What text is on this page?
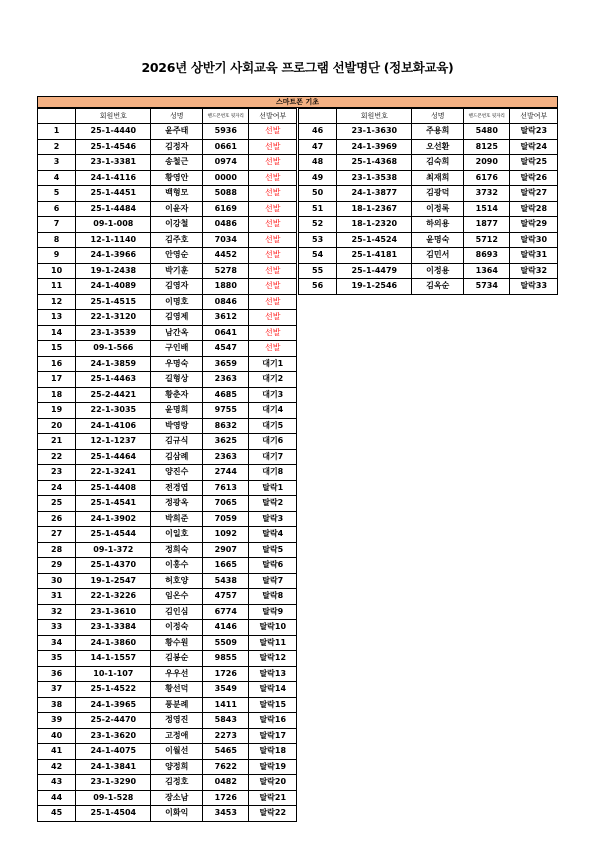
2026년 상반기 사회교육 프로그램 선발명단 (정보화교육)
스마트폰 기초
	회원번호	성명	핸드폰번호 뒷자리	선발여부
1	25-1-4440	윤주태	5936	선발
2	25-1-4546	김정자	0661	선발
3	23-1-3381	송철근	0974	선발
4	24-1-4116	황영안	0000	선발
5	25-1-4451	백형모	5088	선발
6	25-1-4484	이윤자	6169	선발
7	09-1-008	이강철	0486	선발
8	12-1-1140	김주호	7034	선발
9	24-1-3966	안영순	4452	선발
10	19-1-2438	박기훈	5278	선발
11	24-1-4089	김영자	1880	선발
12	25-1-4515	이명호	0846	선발
13	22-1-3120	김영제	3612	선발
14	23-1-3539	남간옥	0641	선발
15	09-1-566	구인배	4547	선발
16	24-1-3859	우명숙	3659	대기1
17	25-1-4463	길형상	2363	대기2
18	25-2-4421	황춘자	4685	대기3
19	22-1-3035	윤명희	9755	대기4
20	24-1-4106	박영랑	8632	대기5
21	12-1-1237	김규식	3625	대기6
22	25-1-4464	김삼례	2363	대기7
23	22-1-3241	양진수	2744	대기8
24	25-1-4408	전경엽	7613	탈락1
25	25-1-4541	정광옥	7065	탈락2
26	24-1-3902	박희준	7059	탈락3
27	25-1-4544	이일호	1092	탈락4
28	09-1-372	정희숙	2907	탈락5
29	25-1-4370	이홍수	1665	탈락6
30	19-1-2547	허호양	5438	탈락7
31	22-1-3226	임온수	4757	탈락8
32	23-1-3610	김인심	6774	탈락9
33	23-1-3384	이정숙	4146	탈락10
34	24-1-3860	황수원	5509	탈락11
35	14-1-1557	김봉순	9855	탈락12
36	10-1-107	우우선	1726	탈락13
37	25-1-4522	황선덕	3549	탈락14
38	24-1-3965	풍분례	1411	탈락15
39	25-2-4470	정영진	5843	탈락16
40	23-1-3620	고정애	2273	탈락17
41	24-1-4075	이월선	5465	탈락18
42	24-1-3841	양정희	7622	탈락19
43	23-1-3290	김정호	0482	탈락20
44	09-1-528	장소남	1726	탈락21
45	25-1-4504	이화익	3453	탈락22
	회원번호	성명	핸드폰번호 뒷자리	선발여부
46	23-1-3630	주용희	5480	탈락23
47	24-1-3969	오선환	8125	탈락24
48	25-1-4368	김숙희	2090	탈락25
49	23-1-3538	최재희	6176	탈락26
50	24-1-3877	김광덕	3732	탈락27
51	18-1-2367	이정록	1514	탈락28
52	18-1-2320	하의용	1877	탈락29
53	25-1-4524	윤명숙	5712	탈락30
54	25-1-4181	김민서	8693	탈락31
55	25-1-4479	이정용	1364	탈락32
56	19-1-2546	김옥순	5734	탈락33
